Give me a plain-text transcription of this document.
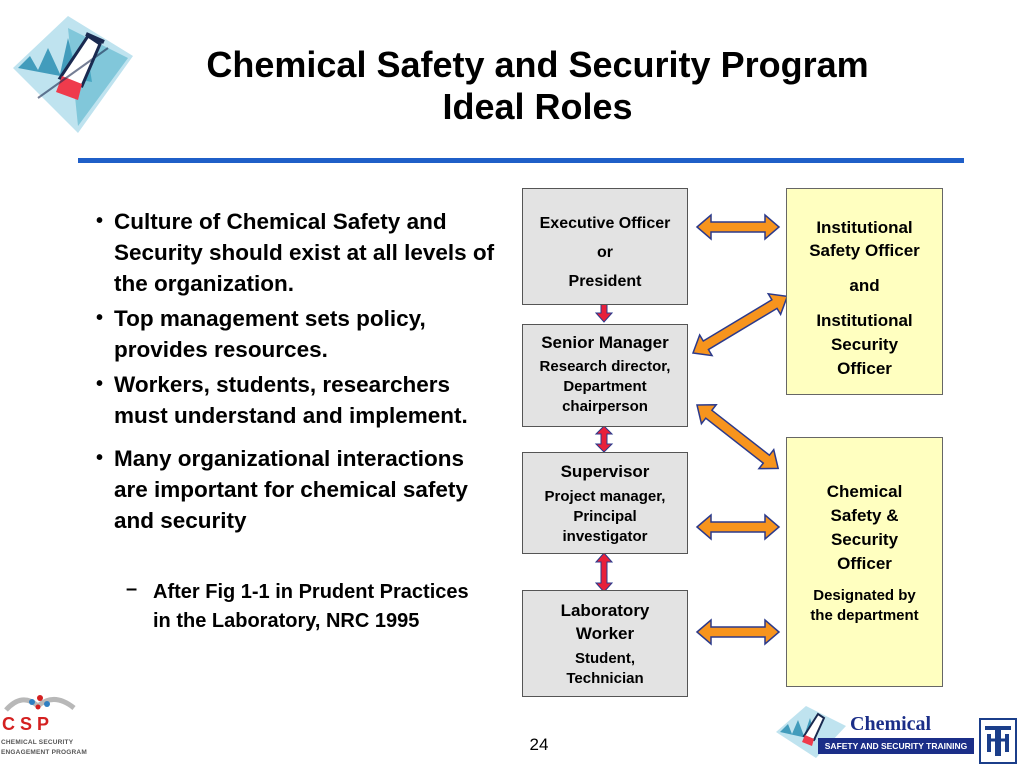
Chemical Safety and Security Program
Ideal Roles
• Culture of Chemical Safety and Security should exist at all levels of the organization.
• Top management sets policy, provides resources.
• Workers, students, researchers must understand and implement.
• Many organizational interactions are important for chemical safety and security
– After Fig 1-1 in Prudent Practices in the Laboratory, NRC 1995
Executive Officer
or
President
Senior Manager
Research director, Department chairperson
Supervisor
Project manager, Principal investigator
Laboratory Worker
Student, Technician
Institutional Safety Officer
and
Institutional Security Officer
Chemical Safety & Security Officer
Designated by the department
CSP
CHEMICAL SECURITY
ENGAGEMENT PROGRAM	24
Chemical
SAFETY AND SECURITY TRAINING
